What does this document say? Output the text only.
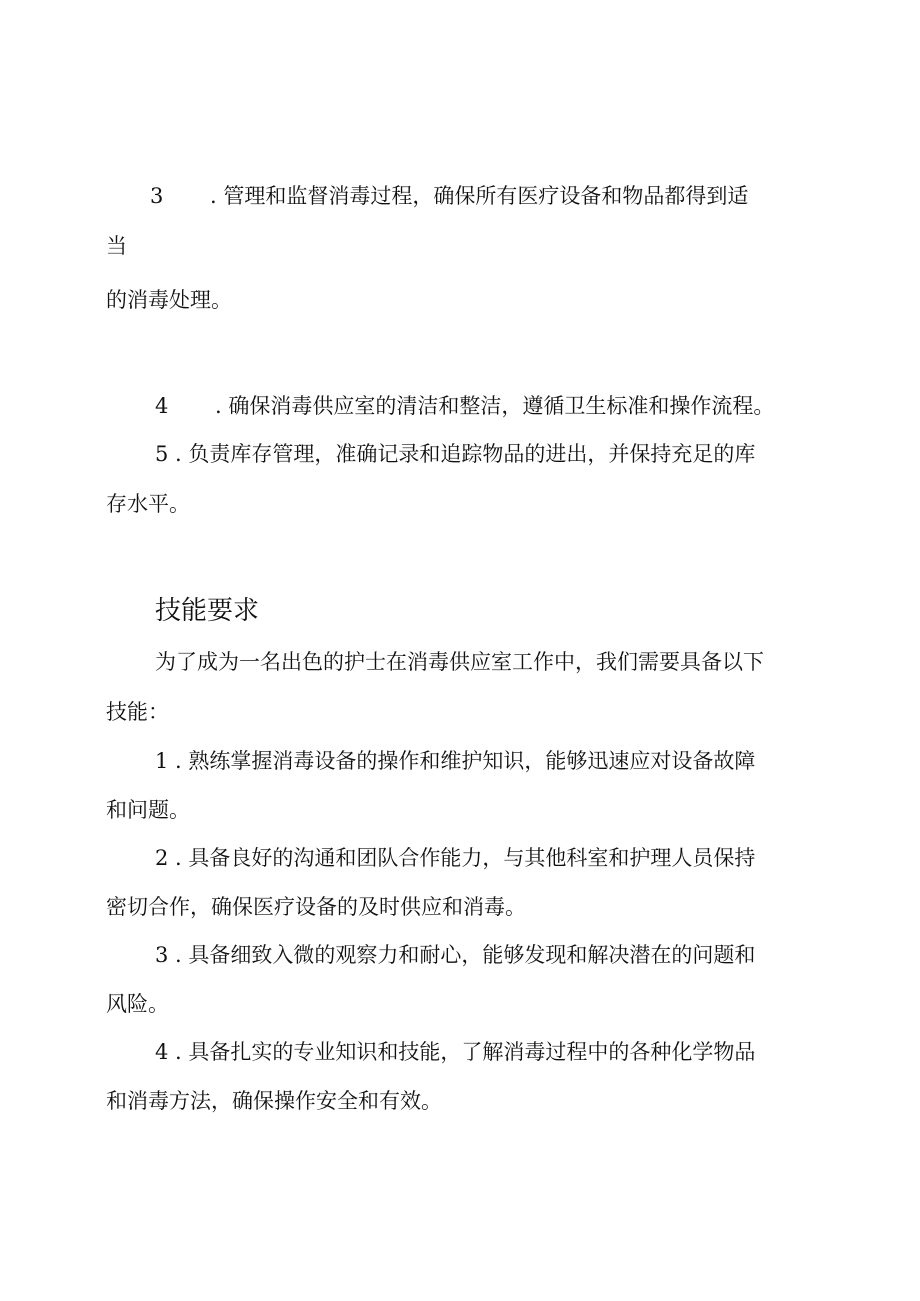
3 . 管理和监督消毒过程，确保所有医疗设备和物品都得到适
当
的消毒处理。
4 . 确保消毒供应室的清洁和整洁，遵循卫生标准和操作流程。
5 . 负责库存管理，准确记录和追踪物品的进出，并保持充足的库
存水平。
技能要求
为了成为一名出色的护士在消毒供应室工作中，我们需要具备以下
技能：
1 . 熟练掌握消毒设备的操作和维护知识，能够迅速应对设备故障
和问题。
2 . 具备良好的沟通和团队合作能力，与其他科室和护理人员保持
密切合作，确保医疗设备的及时供应和消毒。
3 . 具备细致入微的观察力和耐心，能够发现和解决潜在的问题和
风险。
4 . 具备扎实的专业知识和技能，了解消毒过程中的各种化学物品
和消毒方法，确保操作安全和有效。
